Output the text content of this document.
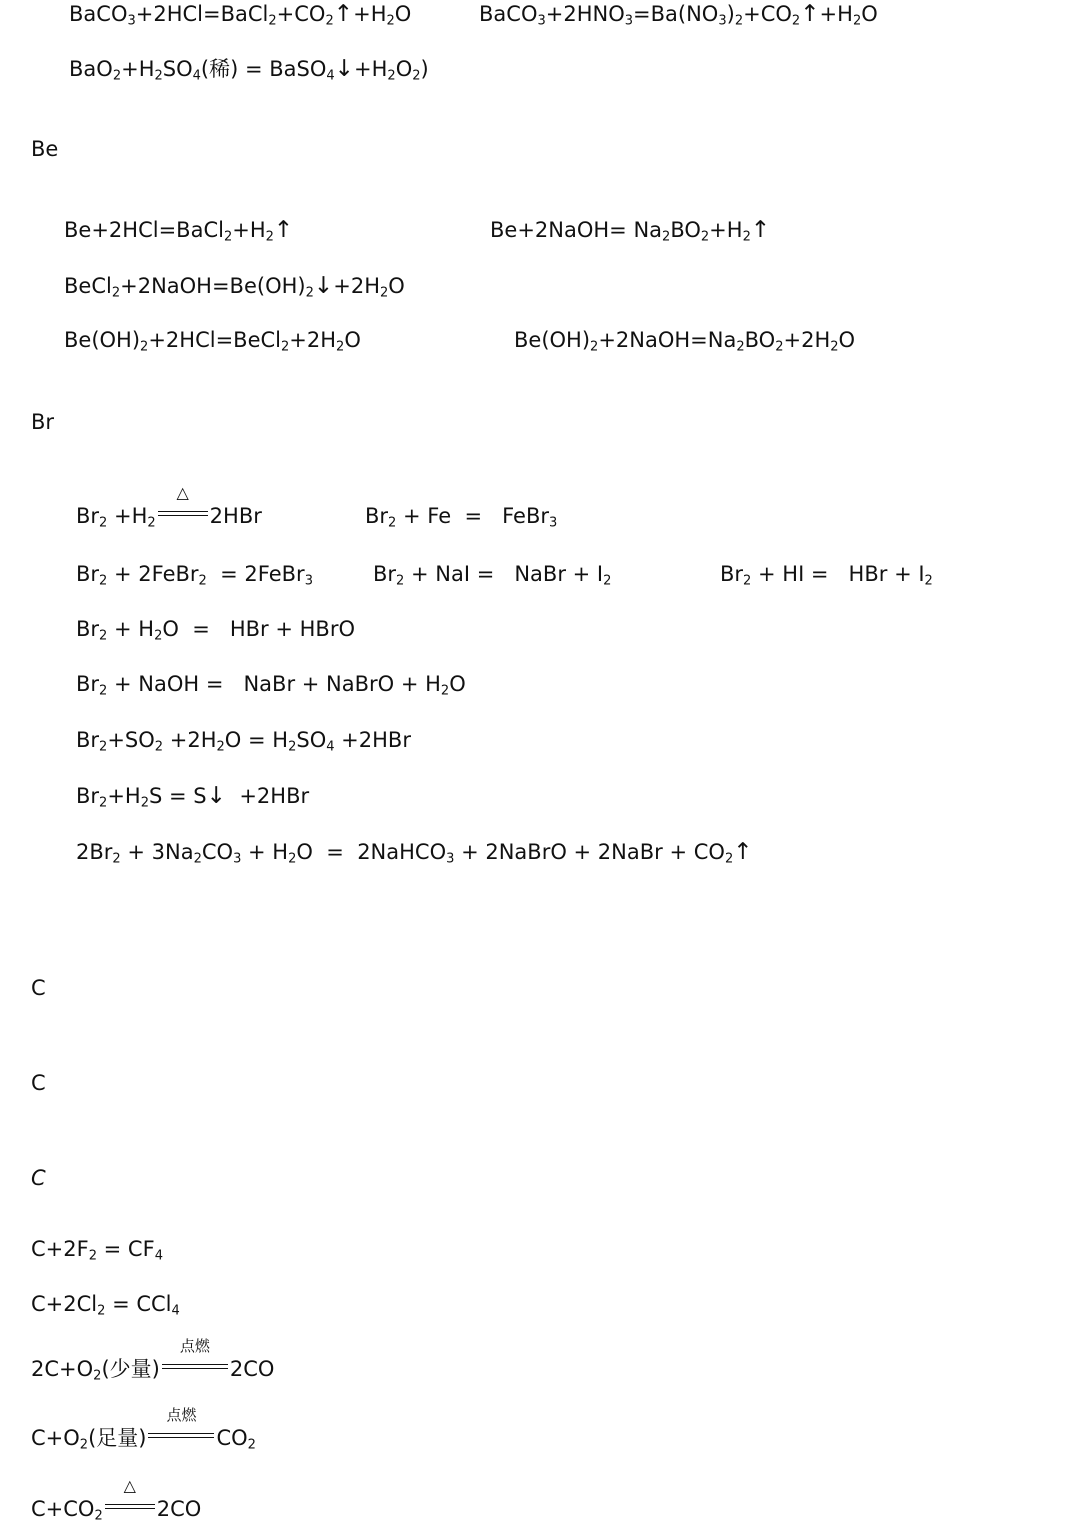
$BaCO_3+2HCl=BaCl_2+CO_2↑+H_2O$	$BaCO_3+2HNO_3=Ba(NO_3)_2+CO_2↑+H_2O$
$BaO_2+H_2SO_4$(稀) = $BaSO_4↓+H_2O_2$)
Be
$Be+2HCl=BaCl_2+H_2↑$	Be+2NaOH= $Na_2BO_2+H_2↑$
$BeCl_2+2NaOH=Be(OH)_2↓+2H_2O$
$Be(OH)_2+2HCl=BeCl_2+2H_2O$	$Be(OH)_2+2NaOH=Na_2BO_2+2H_2O$
Br
$Br_2 +H_2$
△
2HBr	$Br_2 + Fe$  =   FeBr$_3$
$Br_2$ + 2FeBr$_2$  = 2FeBr$_3$	$Br_2$ + NaI =   NaBr + $I_2$	$Br_2$ + HI =   HBr + $I_2$
$Br_2 + H_2O$  =   HBr + HBrO
$Br_2$ + NaOH =   NaBr + NaBrO + $H_2O$
$Br_2+SO_2 +2H_2O = H_2SO_4 +2HBr$
$Br_2+H_2S$ = S↓  +2HBr
$2Br_2 + 3Na_2CO_3 + H_2O$  =  2NaHCO$_3$ + 2NaBrO + 2NaBr + $CO_2↑$
C
C
C
$C+2F_2 = CF_4$
$C+2Cl_2 = CCl_4$
$2C+O_2$(少量)
点燃
2CO
$C+O_2$(足量)
点燃
$CO_2$
$C+CO_2$
△
2CO
